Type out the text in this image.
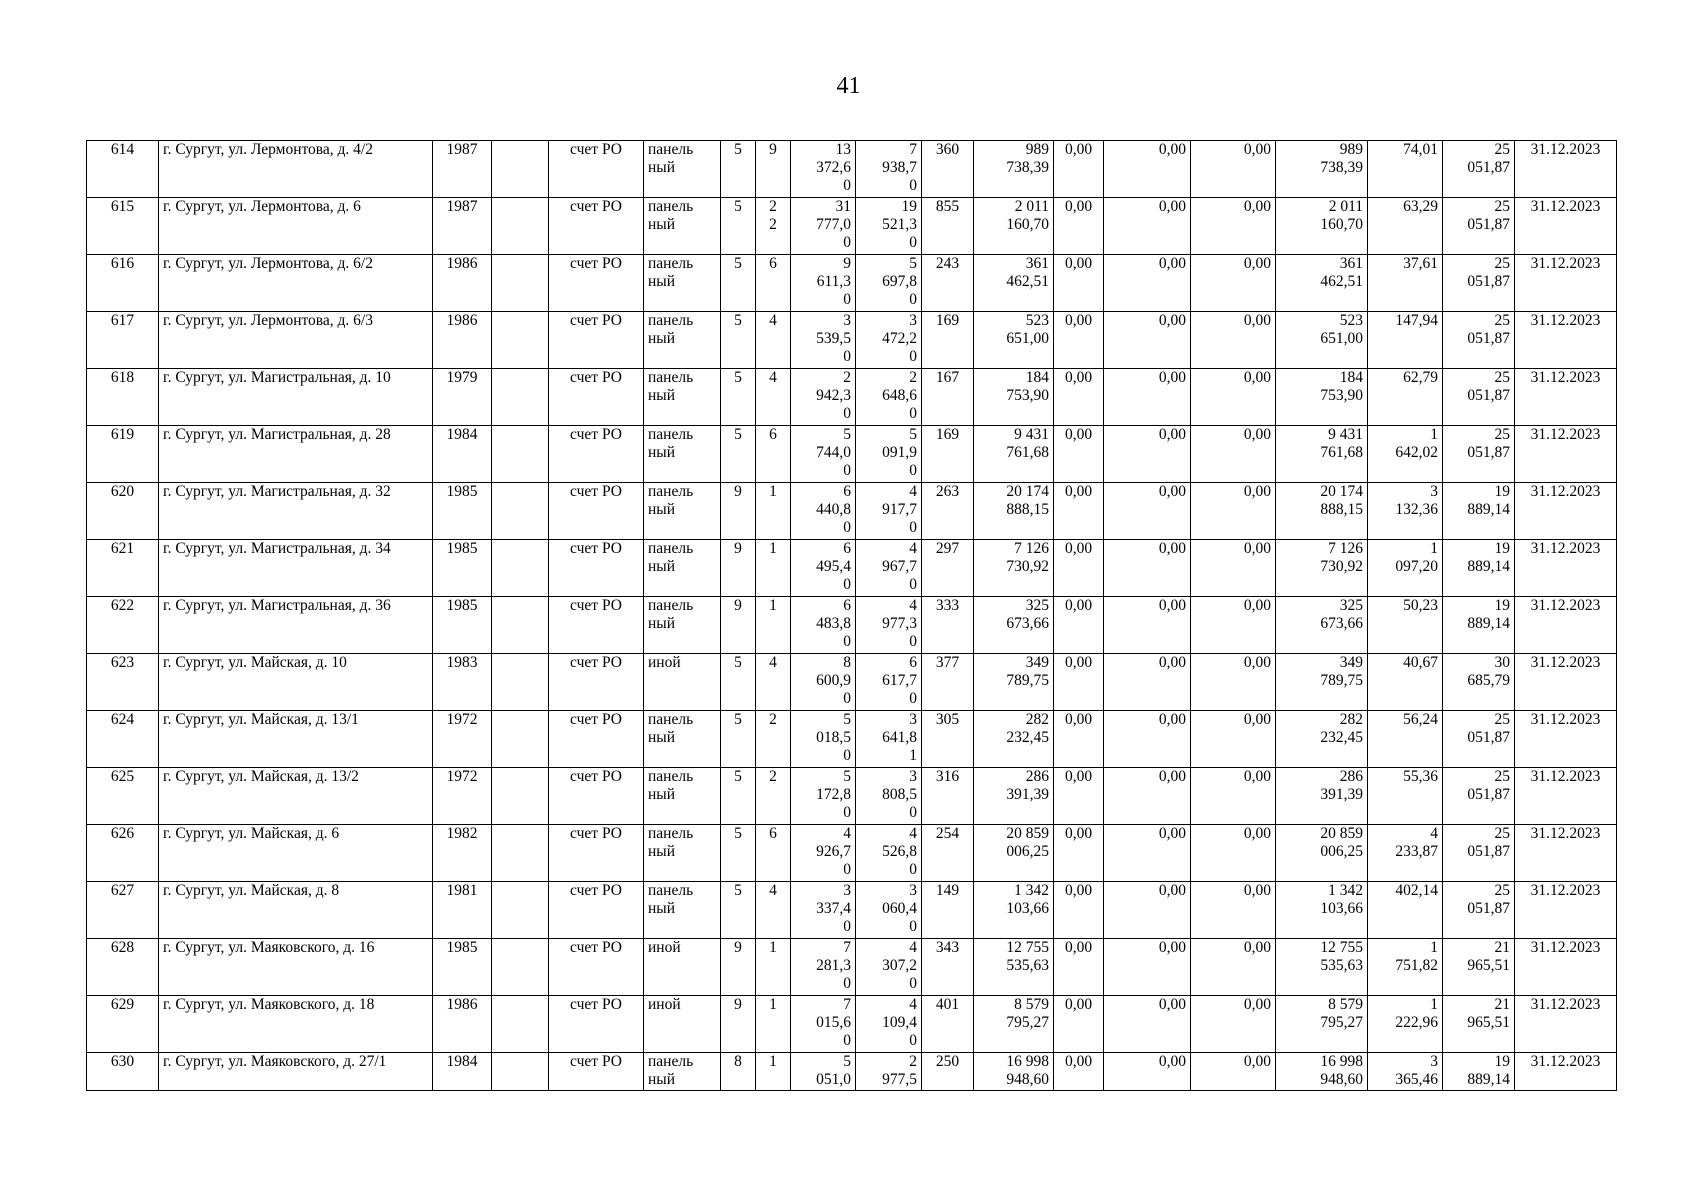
41
614	г. Сургут, ул. Лермонтова, д. 4/2	1987		счет РО	панель
ный	5	9	13
372,6
0	7
938,7
0	360	989
738,39	0,00	0,00	0,00	989
738,39	74,01	25
051,87	31.12.2023

615	г. Сургут, ул. Лермонтова, д. 6	1987		счет РО	панель
ный	5	2
2	31
777,0
0	19
521,3
0	855	2 011
160,70	0,00	0,00	0,00	2 011
160,70	63,29	25
051,87	31.12.2023

616	г. Сургут, ул. Лермонтова, д. 6/2	1986		счет РО	панель
ный	5	6	9
611,3
0	5
697,8
0	243	361
462,51	0,00	0,00	0,00	361
462,51	37,61	25
051,87	31.12.2023

617	г. Сургут, ул. Лермонтова, д. 6/3	1986		счет РО	панель
ный	5	4	3
539,5
0	3
472,2
0	169	523
651,00	0,00	0,00	0,00	523
651,00	147,94	25
051,87	31.12.2023

618	г. Сургут, ул. Магистральная, д. 10	1979		счет РО	панель
ный	5	4	2
942,3
0	2
648,6
0	167	184
753,90	0,00	0,00	0,00	184
753,90	62,79	25
051,87	31.12.2023

619	г. Сургут, ул. Магистральная, д. 28	1984		счет РО	панель
ный	5	6	5
744,0
0	5
091,9
0	169	9 431
761,68	0,00	0,00	0,00	9 431
761,68	1
642,02	25
051,87	31.12.2023

620	г. Сургут, ул. Магистральная, д. 32	1985		счет РО	панель
ный	9	1	6
440,8
0	4
917,7
0	263	20 174
888,15	0,00	0,00	0,00	20 174
888,15	3
132,36	19
889,14	31.12.2023

621	г. Сургут, ул. Магистральная, д. 34	1985		счет РО	панель
ный	9	1	6
495,4
0	4
967,7
0	297	7 126
730,92	0,00	0,00	0,00	7 126
730,92	1
097,20	19
889,14	31.12.2023

622	г. Сургут, ул. Магистральная, д. 36	1985		счет РО	панель
ный	9	1	6
483,8
0	4
977,3
0	333	325
673,66	0,00	0,00	0,00	325
673,66	50,23	19
889,14	31.12.2023

623	г. Сургут, ул. Майская, д. 10	1983		счет РО	иной	5	4	8
600,9
0	6
617,7
0	377	349
789,75	0,00	0,00	0,00	349
789,75	40,67	30
685,79	31.12.2023

624	г. Сургут, ул. Майская, д. 13/1	1972		счет РО	панель
ный	5	2	5
018,5
0	3
641,8
1	305	282
232,45	0,00	0,00	0,00	282
232,45	56,24	25
051,87	31.12.2023

625	г. Сургут, ул. Майская, д. 13/2	1972		счет РО	панель
ный	5	2	5
172,8
0	3
808,5
0	316	286
391,39	0,00	0,00	0,00	286
391,39	55,36	25
051,87	31.12.2023

626	г. Сургут, ул. Майская, д. 6	1982		счет РО	панель
ный	5	6	4
926,7
0	4
526,8
0	254	20 859
006,25	0,00	0,00	0,00	20 859
006,25	4
233,87	25
051,87	31.12.2023

627	г. Сургут, ул. Майская, д. 8	1981		счет РО	панель
ный	5	4	3
337,4
0	3
060,4
0	149	1 342
103,66	0,00	0,00	0,00	1 342
103,66	402,14	25
051,87	31.12.2023

628	г. Сургут, ул. Маяковского, д. 16	1985		счет РО	иной	9	1	7
281,3
0	4
307,2
0	343	12 755
535,63	0,00	0,00	0,00	12 755
535,63	1
751,82	21
965,51	31.12.2023

629	г. Сургут, ул. Маяковского, д. 18	1986		счет РО	иной	9	1	7
015,6
0	4
109,4
0	401	8 579
795,27	0,00	0,00	0,00	8 579
795,27	1
222,96	21
965,51	31.12.2023

630	г. Сургут, ул. Маяковского, д. 27/1	1984		счет РО	панель
ный	8	1	5
051,0	2
977,5	250	16 998
948,60	0,00	0,00	0,00	16 998
948,60	3
365,46	19
889,14	31.12.2023
